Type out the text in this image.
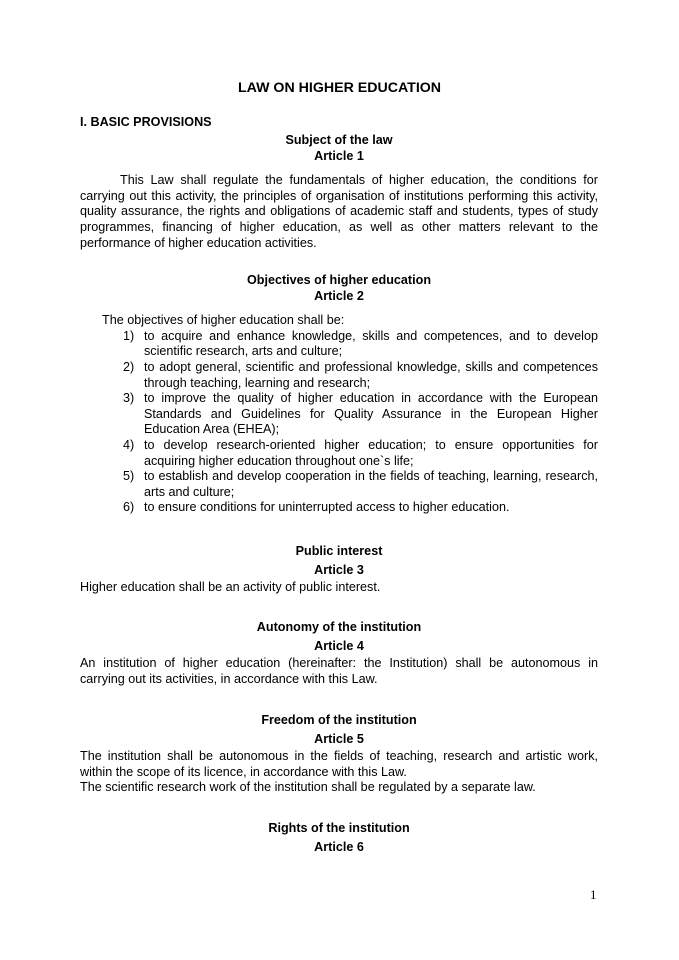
LAW ON HIGHER EDUCATION
I. BASIC PROVISIONS
Subject of the law
Article 1

This Law shall regulate the fundamentals of higher education, the conditions for carrying out this activity, the principles of organisation of institutions performing this activity, quality assurance, the rights and obligations of academic staff and students, types of study programmes, financing of higher education, as well as other matters relevant to the performance of higher education activities.

Objectives of higher education
Article 2

The objectives of higher education shall be:

1) to acquire and enhance knowledge, skills and competences, and to develop scientific research, arts and culture;
2) to adopt general, scientific and professional knowledge, skills and competences through teaching, learning and research;
3) to improve the quality of higher education in accordance with the European Standards and Guidelines for Quality Assurance in the European Higher Education Area (EHEA);
4) to develop research-oriented higher education; to ensure opportunities for acquiring higher education throughout one`s life;
5) to establish and develop cooperation in the fields of teaching, learning, research, arts and culture;
6) to ensure conditions for uninterrupted access to higher education.
Public interest
Article 3

Higher education shall be an activity of public interest.

Autonomy of the institution
Article 4

An institution of higher education (hereinafter: the Institution) shall be autonomous in carrying out its activities, in accordance with this Law.

Freedom of the institution
Article 5

The institution shall be autonomous in the fields of teaching, research and artistic work, within the scope of its licence, in accordance with this Law.

The scientific research work of the institution shall be regulated by a separate law.

Rights of the institution
Article 6
1
